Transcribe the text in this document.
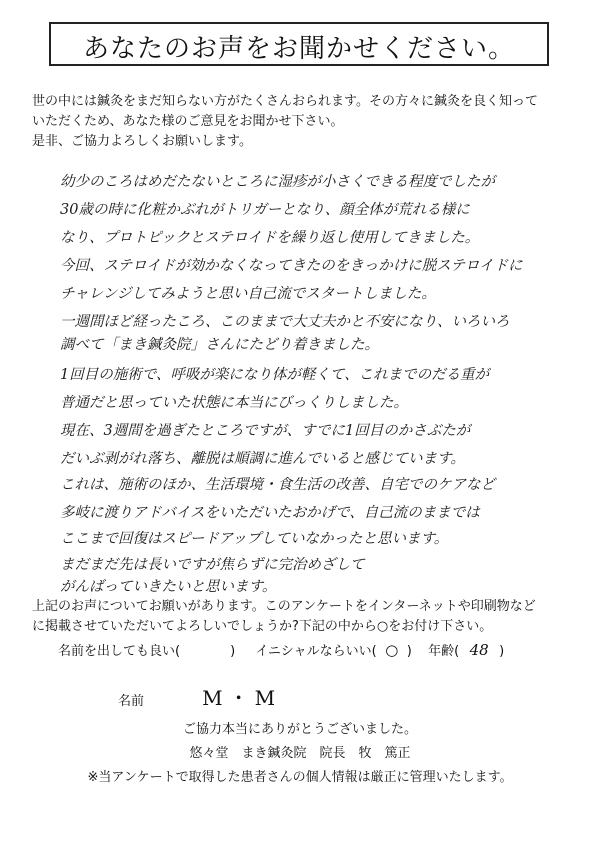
あなたのお声をお聞かせください。
世の中には鍼灸をまだ知らない方がたくさんおられます。その方々に鍼灸を良く知って
いただくため、あなた様のご意見をお聞かせ下さい。
是非、ご協力よろしくお願いします。
幼少のころはめだたないところに湿疹が小さくできる程度でしたが
30歳の時に化粧かぶれがトリガーとなり、顔全体が荒れる様に
なり、プロトピックとステロイドを繰り返し使用してきました。
今回、ステロイドが効かなくなってきたのをきっかけに脱ステロイドに
チャレンジしてみようと思い自己流でスタートしました。
一週間ほど経ったころ、このままで大丈夫かと不安になり、いろいろ
調べて「まき鍼灸院」さんにたどり着きました。
1回目の施術で、呼吸が楽になり体が軽くて、これまでのだる重が
普通だと思っていた状態に本当にびっくりしました。
現在、3週間を過ぎたところですが、すでに1回目のかさぶたが
だいぶ剥がれ落ち、離脱は順調に進んでいると感じています。
これは、施術のほか、生活環境・食生活の改善、自宅でのケアなど
多岐に渡りアドバイスをいただいたおかげで、自己流のままでは
ここまで回復はスピードアップしていなかったと思います。
まだまだ先は長いですが焦らずに完治めざして
がんばっていきたいと思います。
上記のお声についてお願いがあります。このアンケートをインターネットや印刷物など
に掲載させていただいてよろしいでしょうか?下記の中から○をお付け下さい。
名前を出しても良い(	) イニシャルならいい( ○ ) 年齢( 48 )
名前	M・M
ご協力本当にありがとうございました。
悠々堂　まき鍼灸院　院長　牧　篤正
※当アンケートで取得した患者さんの個人情報は厳正に管理いたします。
